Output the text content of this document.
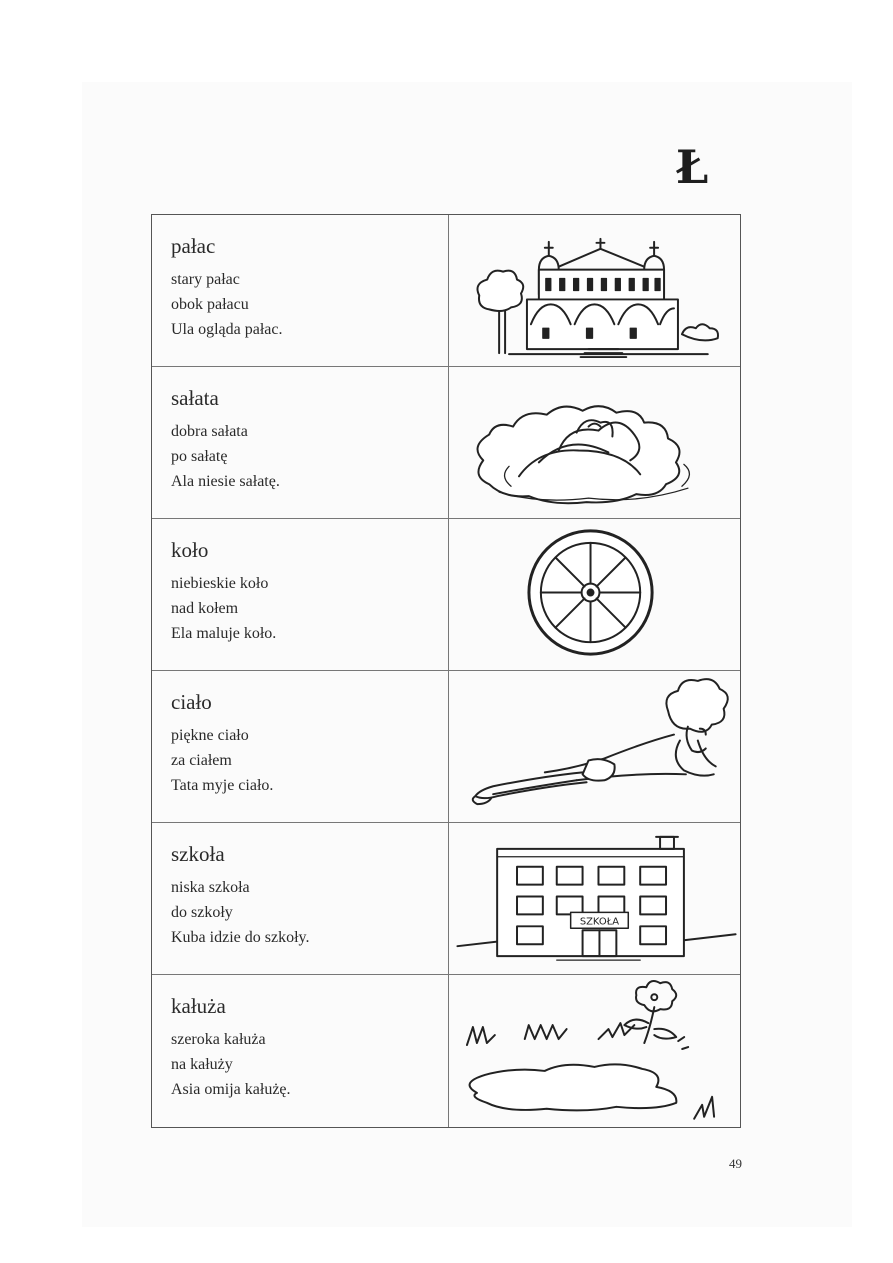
Ł
pałac
stary pałac
obok pałacu
Ula ogląda pałac.
sałata
dobra sałata
po sałatę
Ala niesie sałatę.
koło
niebieskie koło
nad kołem
Ela maluje koło.
ciało
piękne ciało
za ciałem
Tata myje ciało.
szkoła
niska szkoła
do szkoły
Kuba idzie do szkoły.
SZKOŁA
kałuża
szeroka kałuża
na kałuży
Asia omija kałużę.
49
